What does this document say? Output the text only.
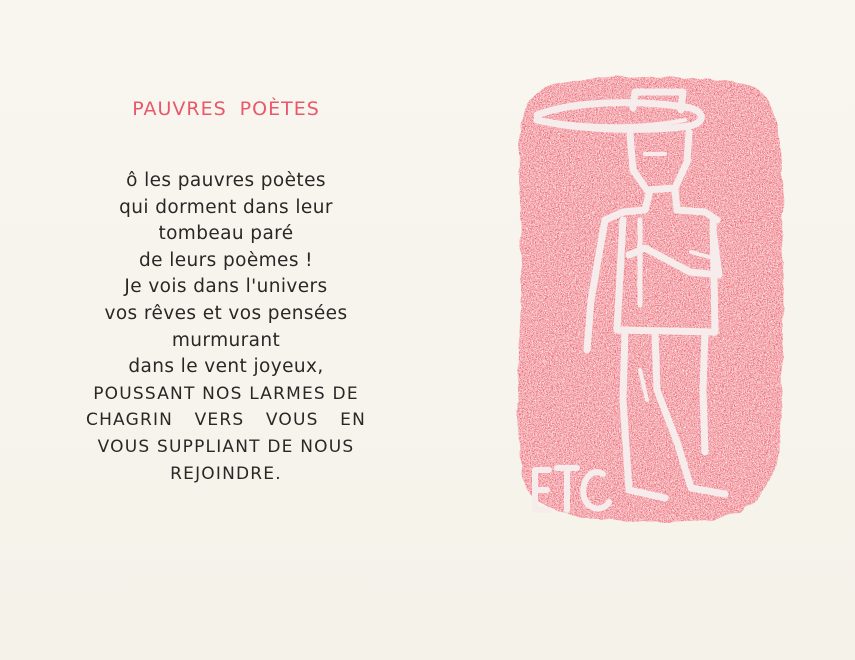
PAUVRES POÈTES
ô les pauvres poètes
qui dorment dans leur
tombeau paré
de leurs poèmes !
Je vois dans l'univers
vos rêves et vos pensées
murmurant
dans le vent joyeux,
POUSSANT NOS LARMES DE
CHAGRIN VERS VOUS EN
VOUS SUPPLIANT DE NOUS
REJOINDRE.
